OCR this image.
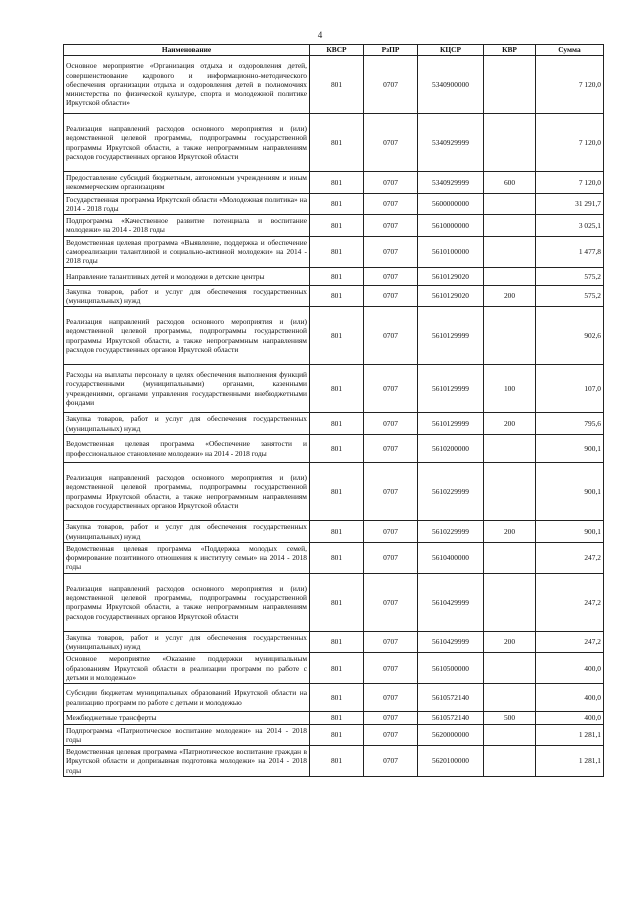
4
Наименование	КВСР	РзПР	КЦСР	КВР	Сумма
Основное мероприятие «Организация отдыха и оздоровления детей, совершенствование кадрового и информационно-методического обеспечения организации отдыха и оздоровления детей в полномочиях министерства по физической культуре, спорта и молодежной политике Иркутской области»	801	0707	5340900000		7 120,0
Реализация направлений расходов основного мероприятия и (или) ведомственной целевой программы, подпрограммы государственной программы Иркутской области, а также непрограммным направлениям расходов государственных органов Иркутской области	801	0707	5340929999		7 120,0
Предоставление субсидий бюджетным, автономным учреждениям и иным некоммерческим организациям	801	0707	5340929999	600	7 120,0
Государственная программа Иркутской области «Молодежная политика» на 2014 - 2018 годы	801	0707	5600000000		31 291,7
Подпрограмма «Качественное развитие потенциала и воспитание молодежи» на 2014 - 2018 годы	801	0707	5610000000		3 025,1
Ведомственная целевая программа «Выявление, поддержка и обеспечение самореализации талантливой и социально-активной молодежи» на 2014 - 2018 годы	801	0707	5610100000		1 477,8
Направление талантливых детей и молодежи в детские центры	801	0707	5610129020		575,2
Закупка товаров, работ и услуг для обеспечения государственных (муниципальных) нужд	801	0707	5610129020	200	575,2
Реализация направлений расходов основного мероприятия и (или) ведомственной целевой программы, подпрограммы государственной программы Иркутской области, а также непрограммным направлениям расходов государственных органов Иркутской области	801	0707	5610129999		902,6
Расходы на выплаты персоналу в целях обеспечения выполнения функций государственными (муниципальными) органами, казенными учреждениями, органами управления государственными внебюджетными фондами	801	0707	5610129999	100	107,0
Закупка товаров, работ и услуг для обеспечения государственных (муниципальных) нужд	801	0707	5610129999	200	795,6
Ведомственная целевая программа «Обеспечение занятости и профессиональное становление молодежи» на 2014 - 2018 годы	801	0707	5610200000		900,1
Реализация направлений расходов основного мероприятия и (или) ведомственной целевой программы, подпрограммы государственной программы Иркутской области, а также непрограммным направлениям расходов государственных органов Иркутской области	801	0707	5610229999		900,1
Закупка товаров, работ и услуг для обеспечения государственных (муниципальных) нужд	801	0707	5610229999	200	900,1
Ведомственная целевая программа «Поддержка молодых семей, формирование позитивного отношения к институту семьи» на 2014 - 2018 годы	801	0707	5610400000		247,2
Реализация направлений расходов основного мероприятия и (или) ведомственной целевой программы, подпрограммы государственной программы Иркутской области, а также непрограммным направлениям расходов государственных органов Иркутской области	801	0707	5610429999		247,2
Закупка товаров, работ и услуг для обеспечения государственных (муниципальных) нужд	801	0707	5610429999	200	247,2
Основное мероприятие «Оказание поддержки муниципальным образованиям Иркутской области в реализации программ по работе с детьми и молодежью»	801	0707	5610500000		400,0
Субсидии бюджетам муниципальных образований Иркутской области на реализацию программ по работе с детьми и молодежью	801	0707	5610572140		400,0
Межбюджетные трансферты	801	0707	5610572140	500	400,0
Подпрограмма «Патриотическое воспитание молодежи» на 2014 - 2018 годы	801	0707	5620000000		1 281,1
Ведомственная целевая программа «Патриотическое воспитание граждан в Иркутской области и допризывная подготовка молодежи» на 2014 - 2018 годы	801	0707	5620100000		1 281,1
